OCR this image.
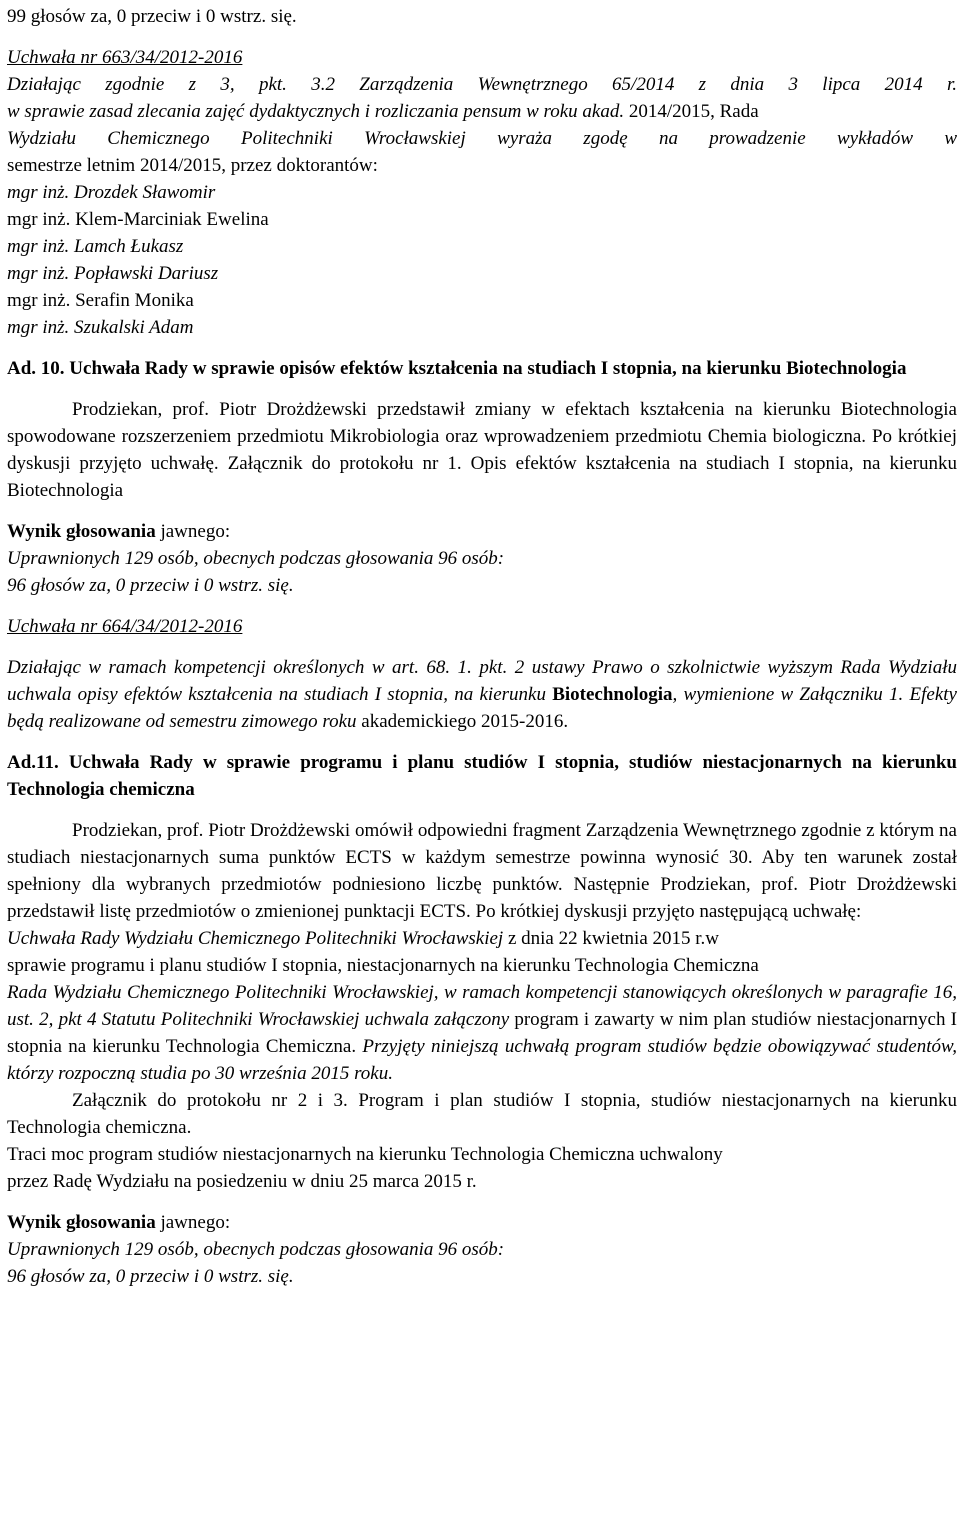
99 głosów za, 0 przeciw i 0 wstrz. się.

Uchwała nr 663/34/2012-2016

Działając zgodnie z 3, pkt. 3.2 Zarządzenia Wewnętrznego 65/2014 z dnia 3 lipca 2014 r.

w sprawie zasad zlecania zajęć dydaktycznych i rozliczania pensum w roku akad. 2014/2015, Rada

Wydziału Chemicznego Politechniki Wrocławskiej wyraża zgodę na prowadzenie wykładów w

semestrze letnim 2014/2015, przez doktorantów:

mgr inż. Drozdek Sławomir

mgr inż. Klem-Marciniak Ewelina

mgr inż. Lamch Łukasz

mgr inż. Popławski Dariusz

mgr inż. Serafin Monika

mgr inż. Szukalski Adam

Ad. 10. Uchwała Rady w sprawie opisów efektów kształcenia na studiach I stopnia, na kierunku Biotechnologia

Prodziekan, prof. Piotr Drożdżewski przedstawił zmiany w efektach kształcenia na kierunku Biotechnologia spowodowane rozszerzeniem przedmiotu Mikrobiologia oraz wprowadzeniem przedmiotu Chemia biologiczna. Po krótkiej dyskusji przyjęto uchwałę. Załącznik do protokołu nr 1. Opis efektów kształcenia na studiach I stopnia, na kierunku Biotechnologia

Wynik głosowania jawnego:

Uprawnionych 129 osób, obecnych podczas głosowania 96 osób:

96 głosów za, 0 przeciw i 0 wstrz. się.

Uchwała nr 664/34/2012-2016

Działając w ramach kompetencji określonych w art. 68. 1. pkt. 2 ustawy Prawo o szkolnictwie wyższym Rada Wydziału uchwala opisy efektów kształcenia na studiach I stopnia, na kierunku Biotechnologia, wymienione w Załączniku 1. Efekty będą realizowane od semestru zimowego roku akademickiego 2015-2016.

Ad.11. Uchwała Rady w sprawie programu i planu studiów I stopnia, studiów niestacjonarnych na kierunku Technologia chemiczna

Prodziekan, prof. Piotr Drożdżewski omówił odpowiedni fragment Zarządzenia Wewnętrznego zgodnie z którym na studiach niestacjonarnych suma punktów ECTS w każdym semestrze powinna wynosić 30. Aby ten warunek został spełniony dla wybranych przedmiotów podniesiono liczbę punktów. Następnie Prodziekan, prof. Piotr Drożdżewski przedstawił listę przedmiotów o zmienionej punktacji ECTS. Po krótkiej dyskusji przyjęto następującą uchwałę:

Uchwała Rady Wydziału Chemicznego Politechniki Wrocławskiej z dnia 22 kwietnia 2015 r.w

sprawie programu i planu studiów I stopnia, niestacjonarnych na kierunku Technologia Chemiczna

Rada Wydziału Chemicznego Politechniki Wrocławskiej, w ramach kompetencji stanowiących określonych w paragrafie 16, ust. 2, pkt 4 Statutu Politechniki Wrocławskiej uchwala załączony program i zawarty w nim plan studiów niestacjonarnych I stopnia na kierunku Technologia Chemiczna. Przyjęty niniejszą uchwałą program studiów będzie obowiązywać studentów, którzy rozpoczną studia po 30 września 2015 roku.

Załącznik do protokołu nr 2 i 3. Program i plan studiów I stopnia, studiów niestacjonarnych na kierunku Technologia chemiczna.

Traci moc program studiów niestacjonarnych na kierunku Technologia Chemiczna uchwalony

przez Radę Wydziału na posiedzeniu w dniu 25 marca 2015 r.

Wynik głosowania jawnego:

Uprawnionych 129 osób, obecnych podczas głosowania 96 osób:

96 głosów za, 0 przeciw i 0 wstrz. się.
